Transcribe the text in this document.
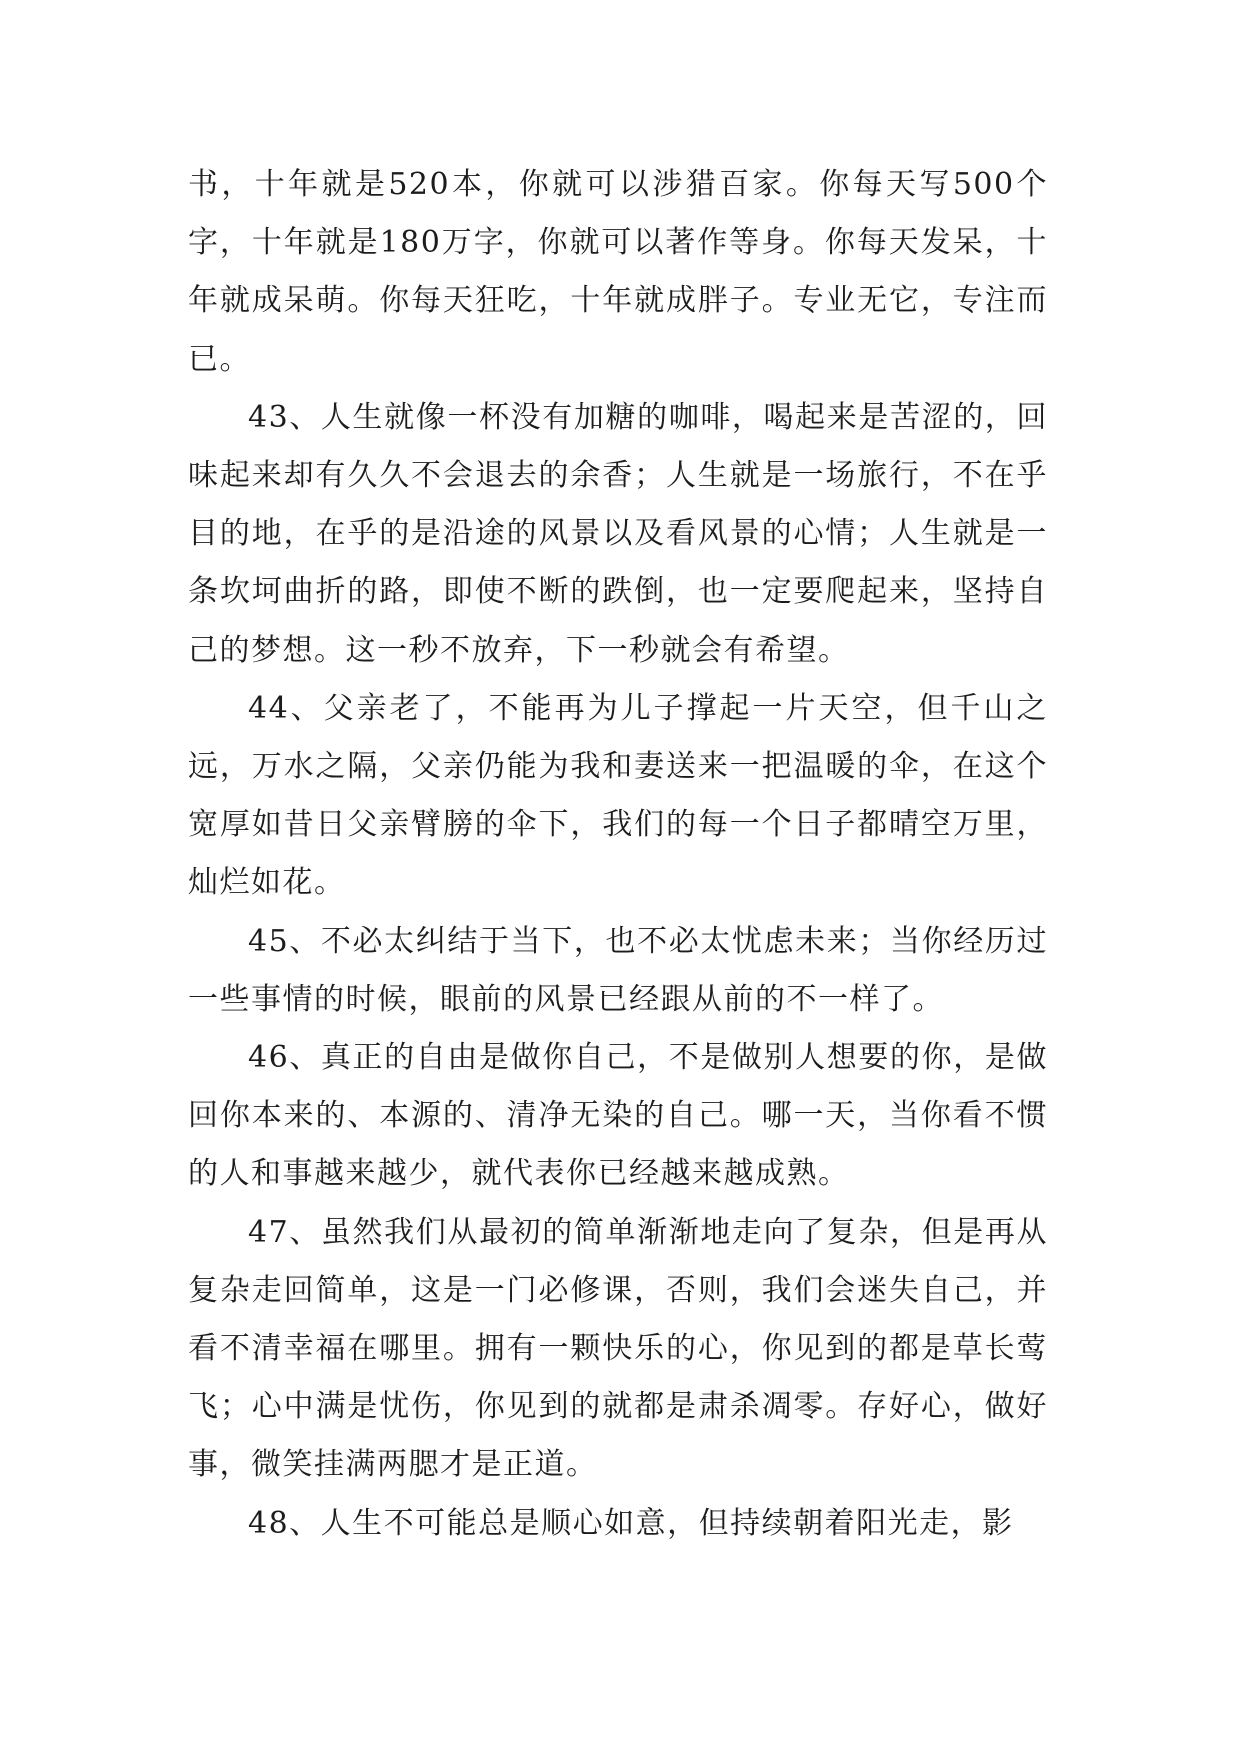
书，十年就是520本，你就可以涉猎百家。你每天写500个字，十年就是180万字，你就可以著作等身。你每天发呆，十年就成呆萌。你每天狂吃，十年就成胖子。专业无它，专注而已。

43、人生就像一杯没有加糖的咖啡，喝起来是苦涩的，回味起来却有久久不会退去的余香；人生就是一场旅行，不在乎目的地，在乎的是沿途的风景以及看风景的心情；人生就是一条坎坷曲折的路，即使不断的跌倒，也一定要爬起来，坚持自己的梦想。这一秒不放弃，下一秒就会有希望。

44、父亲老了，不能再为儿子撑起一片天空，但千山之远，万水之隔，父亲仍能为我和妻送来一把温暖的伞，在这个宽厚如昔日父亲臂膀的伞下，我们的每一个日子都晴空万里，灿烂如花。

45、不必太纠结于当下，也不必太忧虑未来；当你经历过一些事情的时候，眼前的风景已经跟从前的不一样了。

46、真正的自由是做你自己，不是做别人想要的你，是做回你本来的、本源的、清净无染的自己。哪一天，当你看不惯的人和事越来越少，就代表你已经越来越成熟。

47、虽然我们从最初的简单渐渐地走向了复杂，但是再从复杂走回简单，这是一门必修课，否则，我们会迷失自己，并看不清幸福在哪里。拥有一颗快乐的心，你见到的都是草长莺飞；心中满是忧伤，你见到的就都是肃杀凋零。存好心，做好事，微笑挂满两腮才是正道。

48、人生不可能总是顺心如意，但持续朝着阳光走，影
